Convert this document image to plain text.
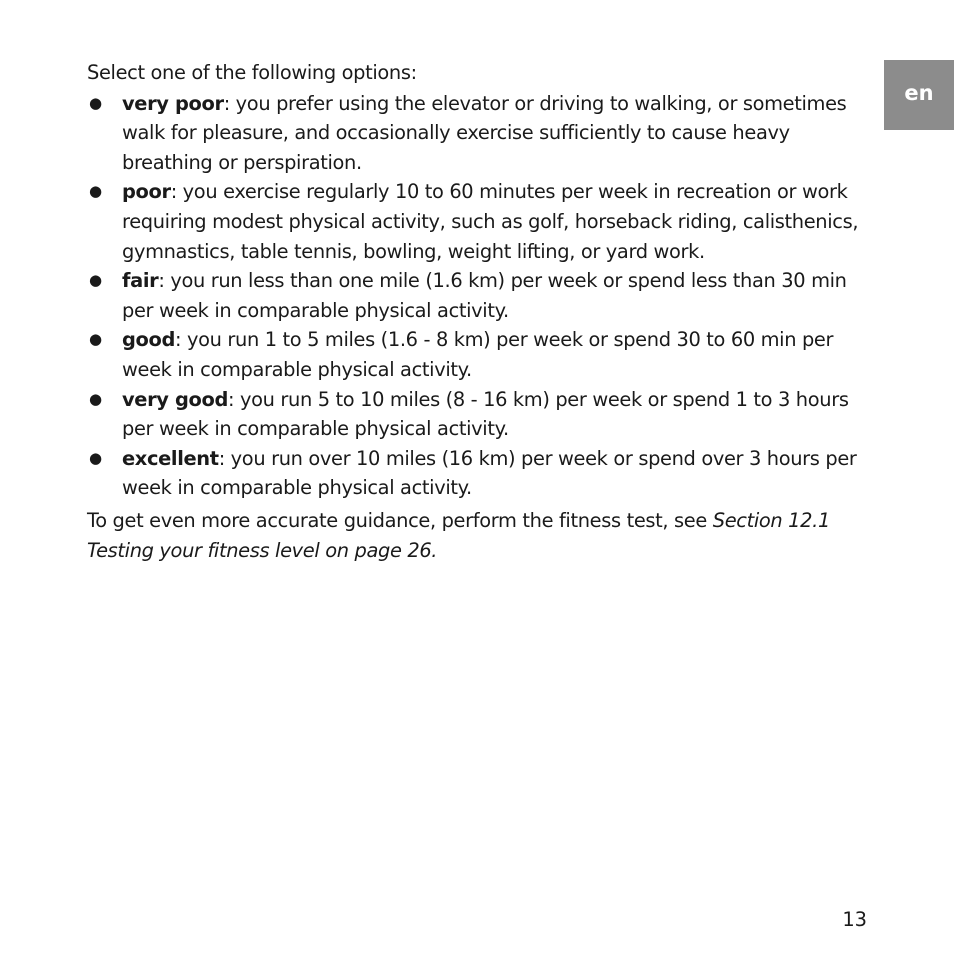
en

Select one of the following options:

● very poor: you prefer using the elevator or driving to walking, or sometimes walk for pleasure, and occasionally exercise sufficiently to cause heavy breathing or perspiration.
● poor: you exercise regularly 10 to 60 minutes per week in recreation or work requiring modest physical activity, such as golf, horseback riding, calisthenics, gymnastics, table tennis, bowling, weight lifting, or yard work.
● fair: you run less than one mile (1.6 km) per week or spend less than 30 min per week in comparable physical activity.
● good: you run 1 to 5 miles (1.6 - 8 km) per week or spend 30 to 60 min per week in comparable physical activity.
● very good: you run 5 to 10 miles (8 - 16 km) per week or spend 1 to 3 hours per week in comparable physical activity.
● excellent: you run over 10 miles (16 km) per week or spend over 3 hours per week in comparable physical activity.

To get even more accurate guidance, perform the fitness test, see Section 12.1 Testing your fitness level on page 26.

13
